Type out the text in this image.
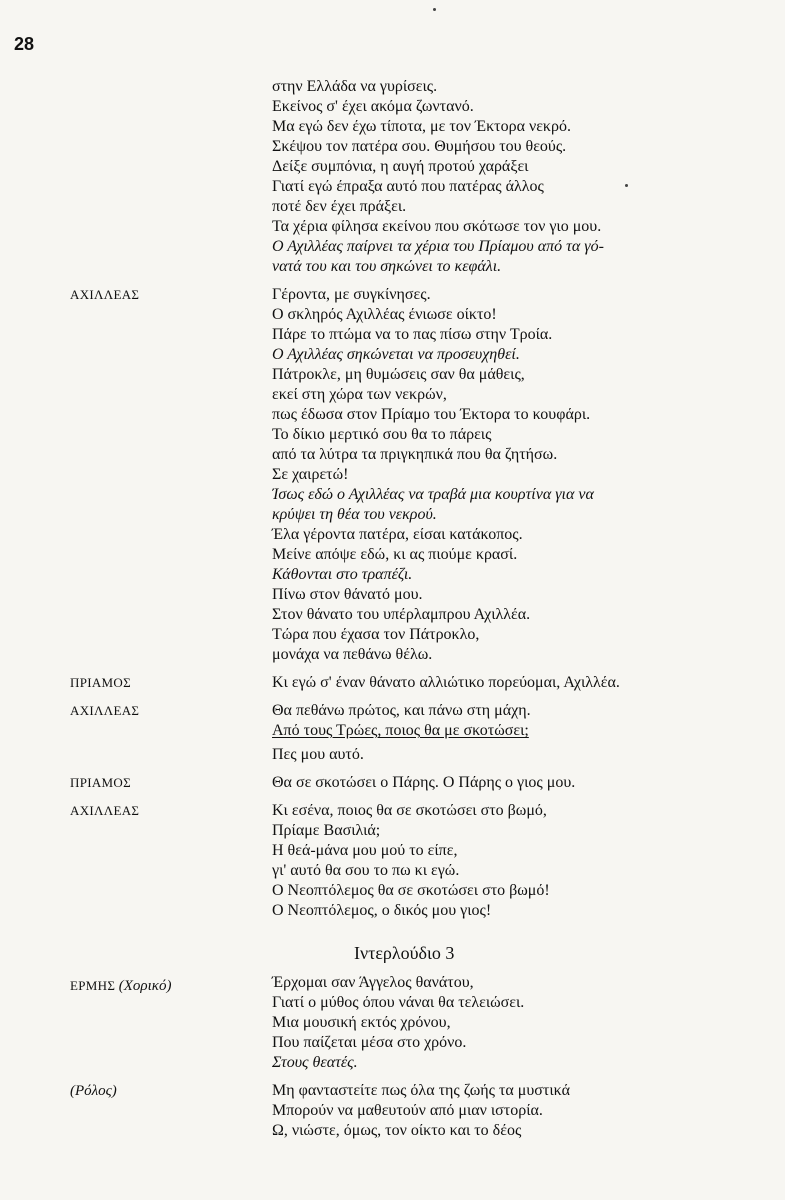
28
στην Ελλάδα να γυρίσεις.
Εκείνος σ' έχει ακόμα ζωντανό.
Μα εγώ δεν έχω τίποτα, με τον Έκτορα νεκρό.
Σκέψου τον πατέρα σου. Θυμήσου του θεούς.
Δείξε συμπόνια, η αυγή προτού χαράξει
Γιατί εγώ έπραξα αυτό που πατέρας άλλος
ποτέ δεν έχει πράξει.
Τα χέρια φίλησα εκείνου που σκότωσε τον γιο μου.
Ο Αχιλλέας παίρνει τα χέρια του Πρίαμου από τα γό-
νατά του και του σηκώνει το κεφάλι.
Γέροντα, με συγκίνησες.
Ο σκληρός Αχιλλέας ένιωσε οίκτο!
Πάρε το πτώμα να το πας πίσω στην Τροία.
Ο Αχιλλέας σηκώνεται να προσευχηθεί.
Πάτροκλε, μη θυμώσεις σαν θα μάθεις,
εκεί στη χώρα των νεκρών,
πως έδωσα στον Πρίαμο του Έκτορα το κουφάρι.
Το δίκιο μερτικό σου θα το πάρεις
από τα λύτρα τα πριγκηπικά που θα ζητήσω.
Σε χαιρετώ!
Ίσως εδώ ο Αχιλλέας να τραβά μια κουρτίνα για να
κρύψει τη θέα του νεκρού.
Έλα γέροντα πατέρα, είσαι κατάκοπος.
Μείνε απόψε εδώ, κι ας πιούμε κρασί.
Κάθονται στο τραπέζι.
Πίνω στον θάνατό μου.
Στον θάνατο του υπέρλαμπρου Αχιλλέα.
Τώρα που έχασα τον Πάτροκλο,
μονάχα να πεθάνω θέλω.
Κι εγώ σ' έναν θάνατο αλλιώτικο πορεύομαι, Αχιλλέα.
Θα πεθάνω πρώτος, και πάνω στη μάχη.
Από τους Τρώες, ποιος θα με σκοτώσει;
Πες μου αυτό.
Θα σε σκοτώσει ο Πάρης. Ο Πάρης ο γιος μου.
Κι εσένα, ποιος θα σε σκοτώσει στο βωμό,
Πρίαμε Βασιλιά;
Η θεά-μάνα μου μού το είπε,
γι' αυτό θα σου το πω κι εγώ.
Ο Νεοπτόλεμος θα σε σκοτώσει στο βωμό!
Ο Νεοπτόλεμος, ο δικός μου γιος!
Έρχομαι σαν Άγγελος θανάτου,
Γιατί ο μύθος όπου νάναι θα τελειώσει.
Μια μουσική εκτός χρόνου,
Που παίζεται μέσα στο χρόνο.
Στους θεατές.
Μη φανταστείτε πως όλα της ζωής τα μυστικά
Μπορούν να μαθευτούν από μιαν ιστορία.
Ω, νιώστε, όμως, τον οίκτο και το δέος
ΑΧΙΛΛΕΑΣ
ΠΡΙΑΜΟΣ
ΑΧΙΛΛΕΑΣ
ΠΡΙΑΜΟΣ
ΑΧΙΛΛΕΑΣ
Ιντερλούδιο 3
ΕΡΜΗΣ (Χορικό)
(Ρόλος)
